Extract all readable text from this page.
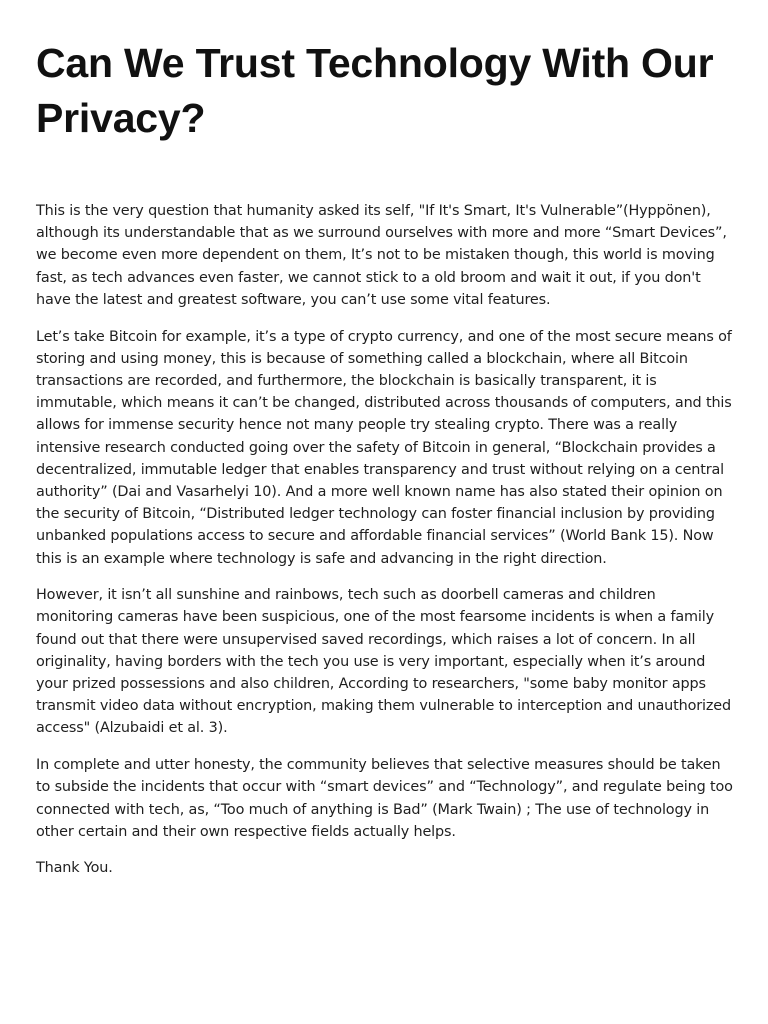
Can We Trust Technology With Our Privacy?

This is the very question that humanity asked its self, "If It's Smart, It's Vulnerable”(Hyppönen), although its understandable that as we surround ourselves with more and more “Smart Devices”, we become even more dependent on them, It’s not to be mistaken though, this world is moving fast, as tech advances even faster, we cannot stick to a old broom and wait it out, if you don't have the latest and greatest software, you can’t use some vital features.

Let’s take Bitcoin for example, it’s a type of crypto currency, and one of the most secure means of storing and using money, this is because of something called a blockchain, where all Bitcoin transactions are recorded, and furthermore, the blockchain is basically transparent, it is immutable, which means it can’t be changed, distributed across thousands of computers, and this allows for immense security hence not many people try stealing crypto. There was a really intensive research conducted going over the safety of Bitcoin in general, “Blockchain provides a decentralized, immutable ledger that enables transparency and trust without relying on a central authority” (Dai and Vasarhelyi 10). And a more well known name has also stated their opinion on the security of Bitcoin, “Distributed ledger technology can foster financial inclusion by providing unbanked populations access to secure and affordable financial services” (World Bank 15). Now this is an example where technology is safe and advancing in the right direction.

However, it isn’t all sunshine and rainbows, tech such as doorbell cameras and children monitoring cameras have been suspicious, one of the most fearsome incidents is when a family found out that there were unsupervised saved recordings, which raises a lot of concern. In all originality, having borders with the tech you use is very important, especially when it’s around your prized possessions and also children, According to researchers, "some baby monitor apps transmit video data without encryption, making them vulnerable to interception and unauthorized access" (Alzubaidi et al. 3).

In complete and utter honesty, the community believes that selective measures should be taken to subside the incidents that occur with “smart devices” and “Technology”, and regulate being too connected with tech, as, “Too much of anything is Bad” (Mark Twain) ; The use of technology in other certain and their own respective fields actually helps.

Thank You.
